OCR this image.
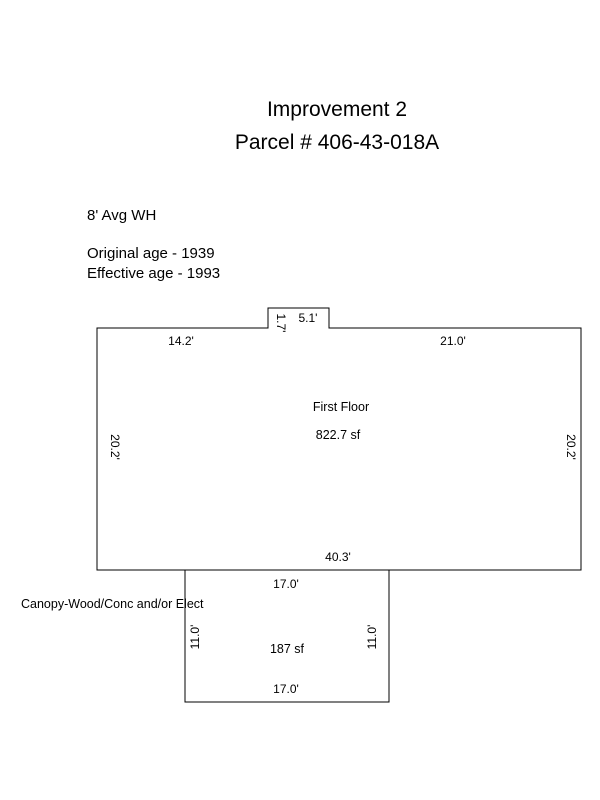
Improvement 2
Parcel # 406-43-018A
8' Avg WH
Original age - 1939
Effective age - 1993
14.2'
5.1'
1.7'
21.0'
20.2'	20.2'
40.3'
First Floor
822.7 sf
Canopy-Wood/Conc and/or Elect
17.0'
17.0'
11.0'	11.0'
187 sf
